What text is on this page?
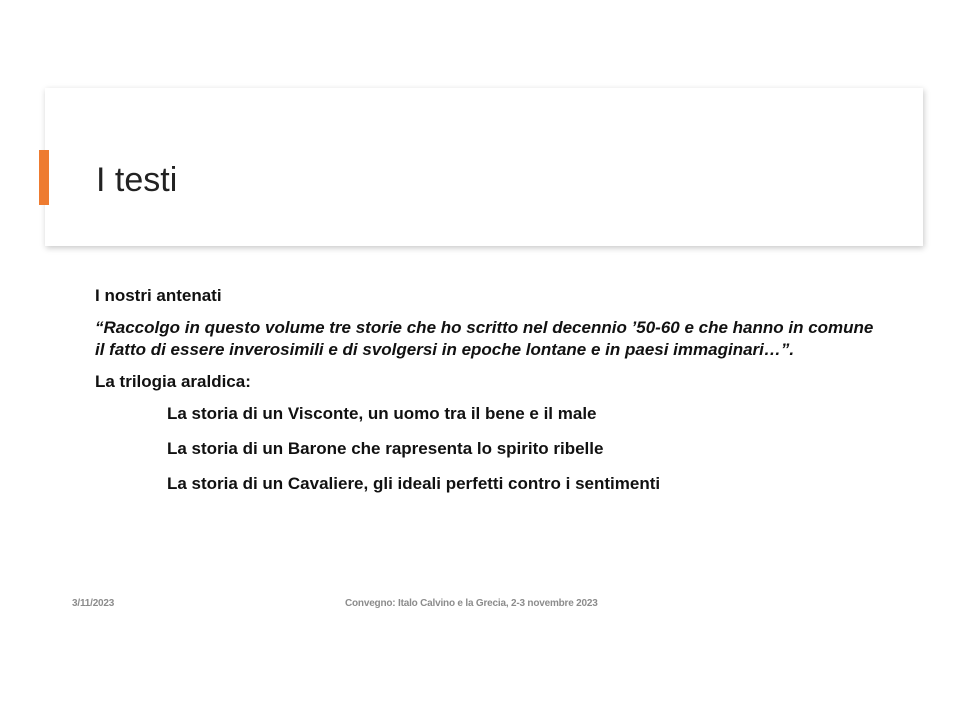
I testi

I nostri antenati

“Raccolgo in questo volume tre storie che ho scritto nel decennio ’50-60 e che hanno in comune il fatto di essere inverosimili e di svolgersi in epoche lontane e in paesi immaginari…”.

La trilogia araldica:

La storia di un Visconte, un uomo tra il bene e il male
La storia di un Barone che rapresenta lo spirito ribelle
La storia di un Cavaliere, gli ideali perfetti contro i sentimenti
3/11/2023	Convegno: Italo Calvino e la Grecia, 2-3 novembre 2023
